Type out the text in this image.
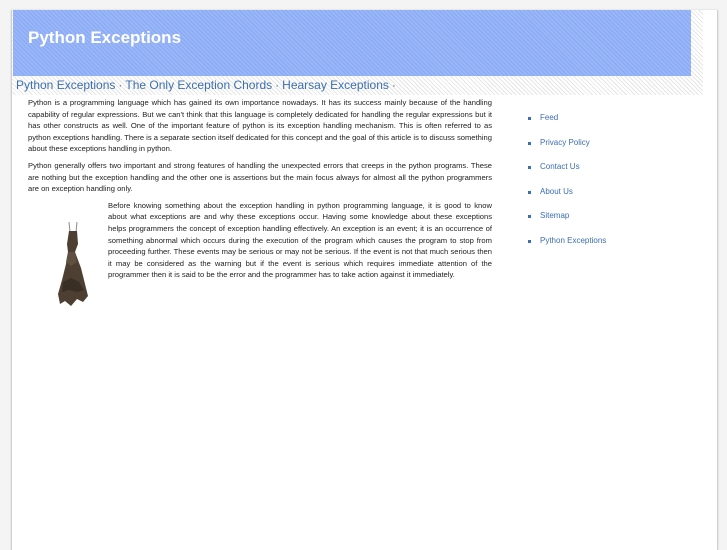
Python Exceptions
Python Exceptions · The Only Exception Chords · Hearsay Exceptions ·

Python is a programming language which has gained its own importance nowadays. It has its success mainly because of the handling capability of regular expressions. But we can't think that this language is completely dedicated for handling the regular expressions but it has other constructs as well. One of the important feature of python is its exception handling mechanism. This is often referred to as python exceptions handling. There is a separate section itself dedicated for this concept and the goal of this article is to discuss something about these exceptions handling in python.

Python generally offers two important and strong features of handling the unexpected errors that creeps in the python programs. These are nothing but the exception handling and the other one is assertions but the main focus always for almost all the python programmers are on exception handling only.

Before knowing something about the exception handling in python programming language, it is good to know about what exceptions are and why these exceptions occur. Having some knowledge about these exceptions helps programmers the concept of exception handling effectively. An exception is an event; it is an occurrence of something abnormal which occurs during the execution of the program which causes the program to stop from proceeding further. These events may be serious or may not be serious. If the event is not that much serious then it may be considered as the warning but if the event is serious which requires immediate attention of the programmer then it is said to be the error and the programmer has to take action against it immediately.

Feed
Privacy Policy
Contact Us
About Us
Sitemap
Python Exceptions
